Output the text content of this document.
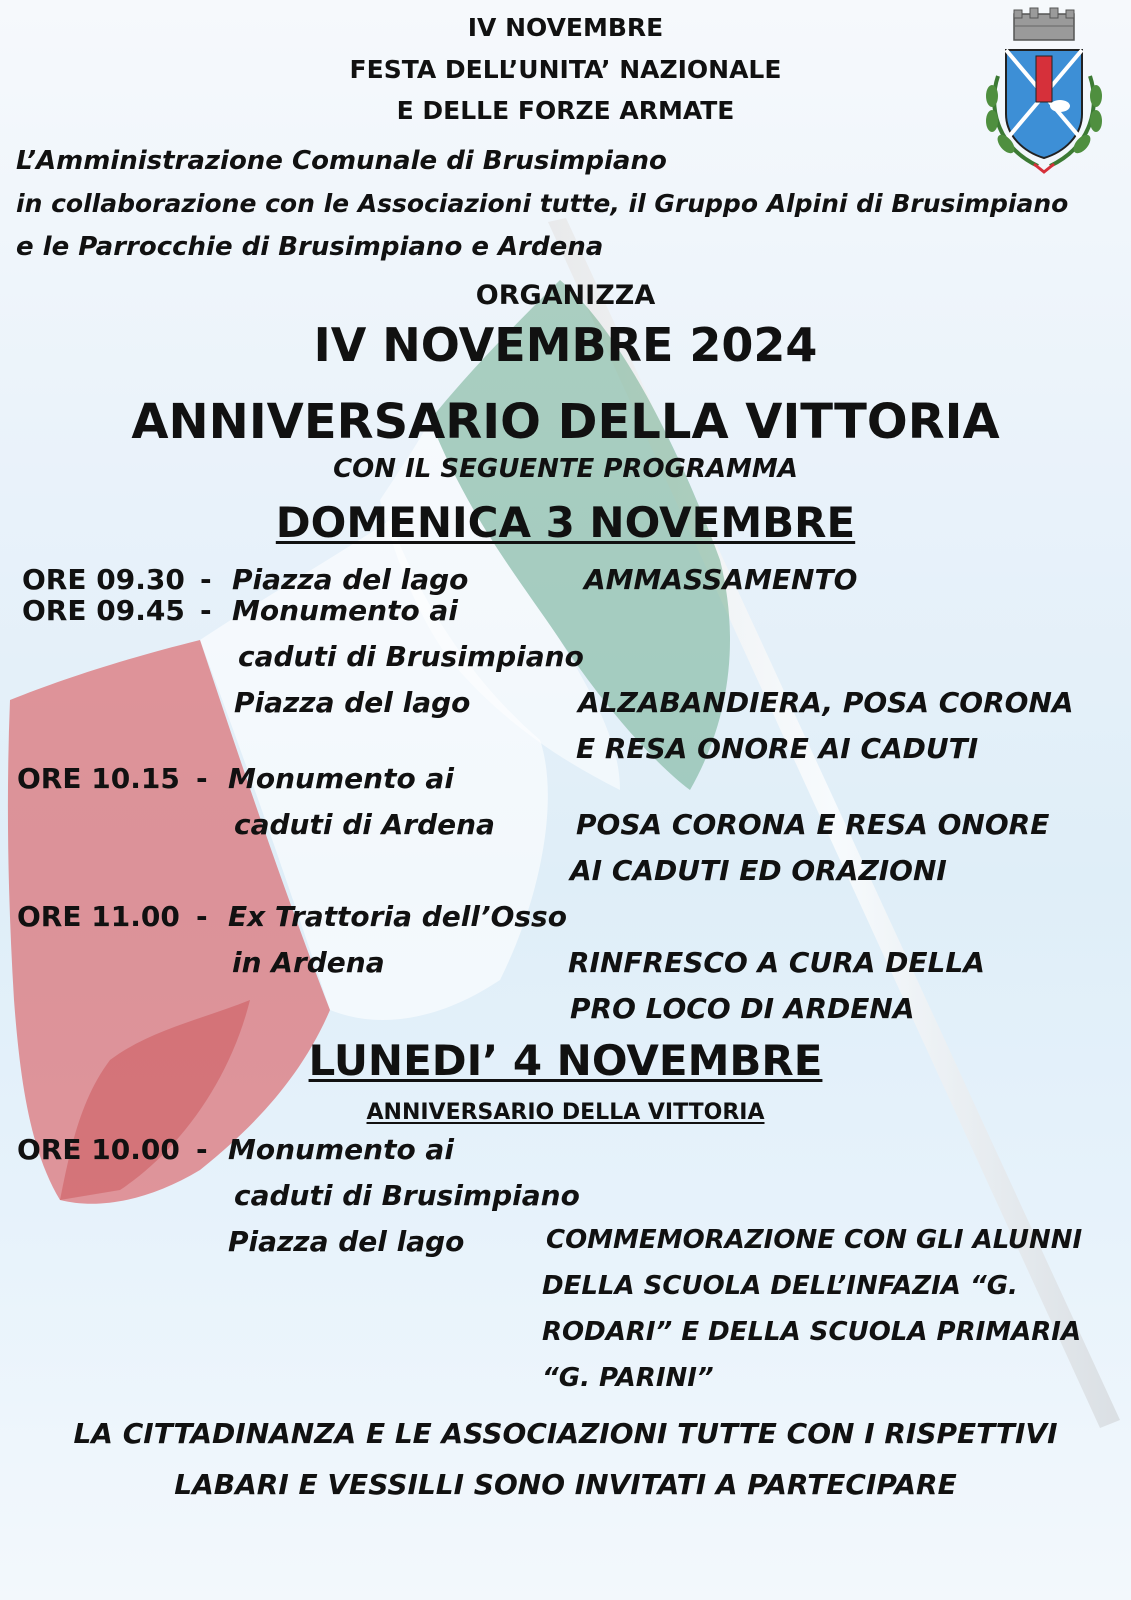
IV NOVEMBRE
FESTA DELL’UNITA’ NAZIONALE
E DELLE FORZE ARMATE
L’Amministrazione Comunale di Brusimpiano
in collaborazione con le Associazioni tutte, il Gruppo Alpini di Brusimpiano
e le Parrocchie di Brusimpiano e Ardena
ORGANIZZA
IV NOVEMBRE 2024
ANNIVERSARIO DELLA VITTORIA
CON IL SEGUENTE PROGRAMMA
DOMENICA 3 NOVEMBRE
ORE 09.30 - Piazza del lago	AMMASSAMENTO
ORE 09.45 - Monumento ai
caduti di Brusimpiano
Piazza del lago	ALZABANDIERA, POSA CORONA
E RESA ONORE AI CADUTI
ORE 10.15 - Monumento ai
caduti di Ardena	POSA CORONA E RESA ONORE
AI CADUTI ED ORAZIONI
ORE 11.00 - Ex Trattoria dell’Osso
in Ardena	RINFRESCO A CURA DELLA
PRO LOCO DI ARDENA
LUNEDI’ 4 NOVEMBRE
ANNIVERSARIO DELLA VITTORIA
ORE 10.00 - Monumento ai
caduti di Brusimpiano
Piazza del lago	COMMEMORAZIONE CON GLI ALUNNI
DELLA SCUOLA DELL’INFAZIA “G.
RODARI” E DELLA SCUOLA PRIMARIA
“G. PARINI”
LA CITTADINANZA E LE ASSOCIAZIONI TUTTE CON I RISPETTIVI
LABARI E VESSILLI SONO INVITATI A PARTECIPARE
